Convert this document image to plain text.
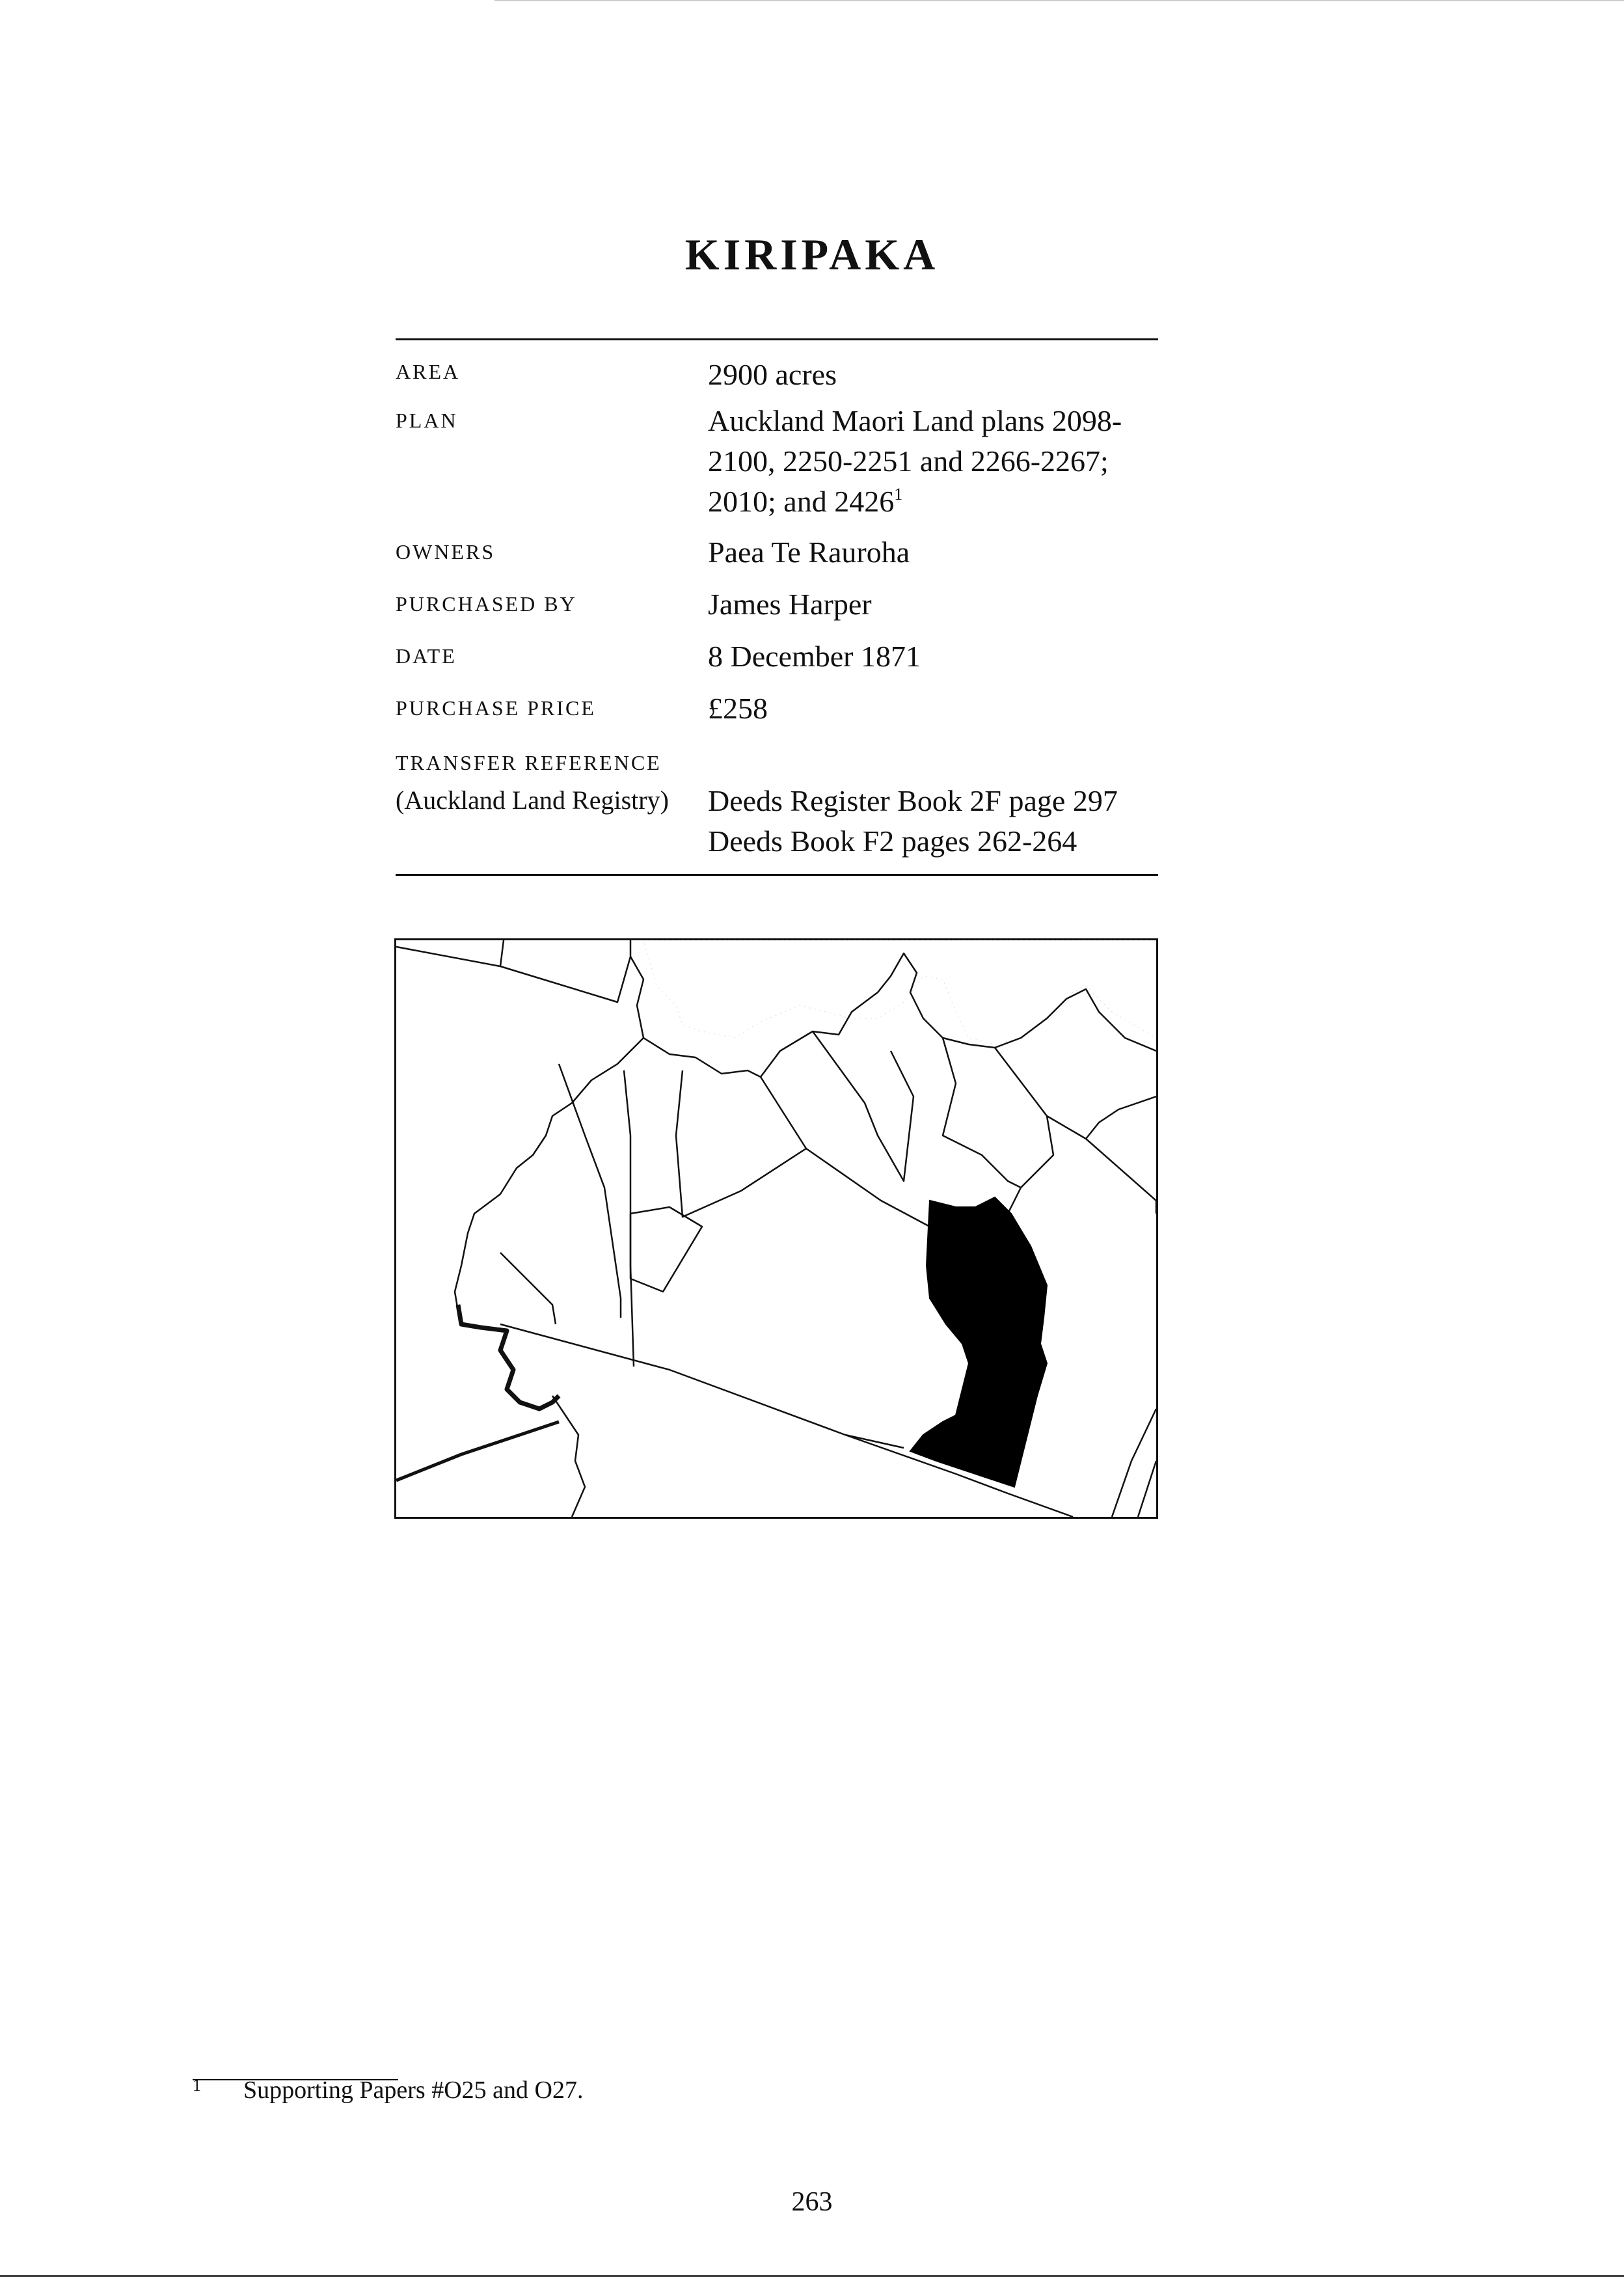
KIRIPAKA
AREA	2900 acres
PLAN	Auckland Maori Land plans 2098-
2100, 2250-2251 and 2266-2267;
2010; and 2426$^1$
OWNERS	Paea Te Rauroha
PURCHASED BY	James Harper
DATE	8 December 1871
PURCHASE PRICE	£258
TRANSFER REFERENCE
(Auckland Land Registry) Deeds Register Book 2F page 297
Deeds Book F2 pages 262-264
1 Supporting Papers #O25 and O27.
263
